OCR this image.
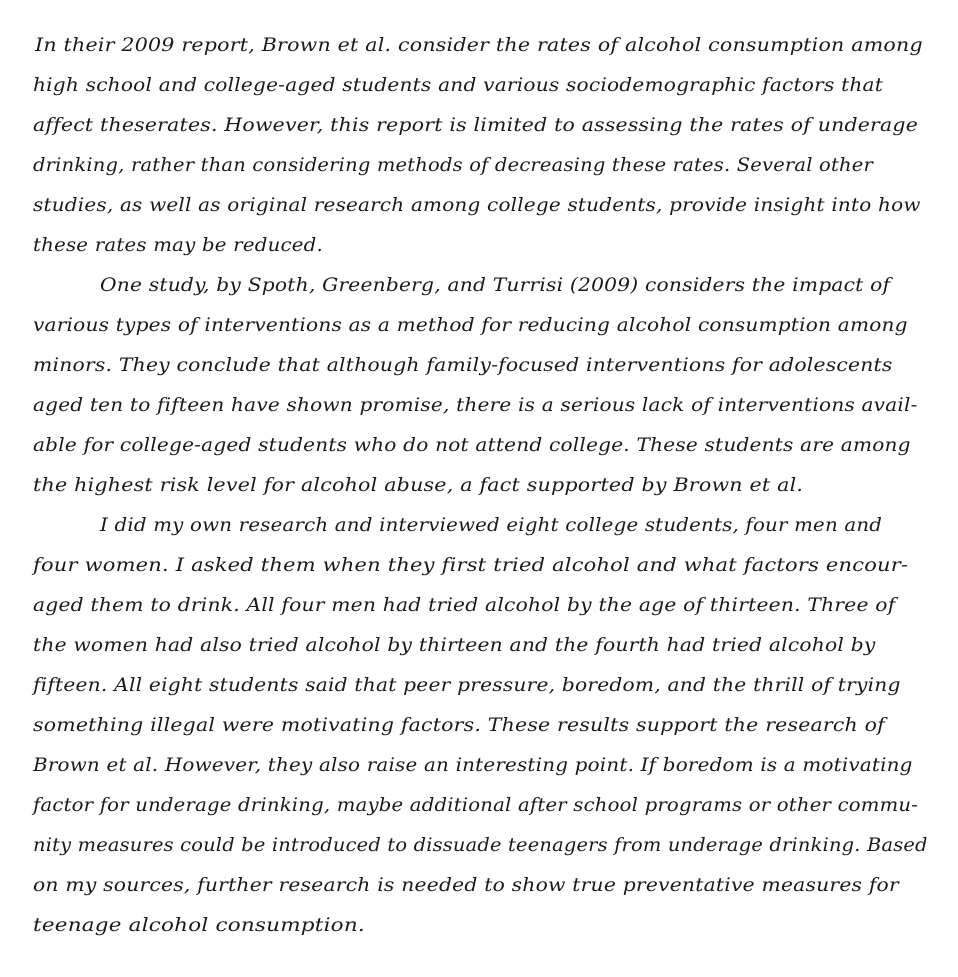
In their 2009 report, Brown et al. consider the rates of alcohol consumption among
high school and college-aged students and various sociodemographic factors that
affect theserates. However, this report is limited to assessing the rates of underage
drinking, rather than considering methods of decreasing these rates. Several other
studies, as well as original research among college students, provide insight into how
these rates may be reduced.
One study, by Spoth, Greenberg, and Turrisi (2009) considers the impact of
various types of interventions as a method for reducing alcohol consumption among
minors. They conclude that although family-focused interventions for adolescents
aged ten to fifteen have shown promise, there is a serious lack of interventions avail-
able for college-aged students who do not attend college. These students are among
the highest risk level for alcohol abuse, a fact supported by Brown et al.
I did my own research and interviewed eight college students, four men and
four women. I asked them when they first tried alcohol and what factors encour-
aged them to drink. All four men had tried alcohol by the age of thirteen. Three of
the women had also tried alcohol by thirteen and the fourth had tried alcohol by
fifteen. All eight students said that peer pressure, boredom, and the thrill of trying
something illegal were motivating factors. These results support the research of
Brown et al. However, they also raise an interesting point. If boredom is a motivating
factor for underage drinking, maybe additional after school programs or other commu-
nity measures could be introduced to dissuade teenagers from underage drinking. Based
on my sources, further research is needed to show true preventative measures for
teenage alcohol consumption.
